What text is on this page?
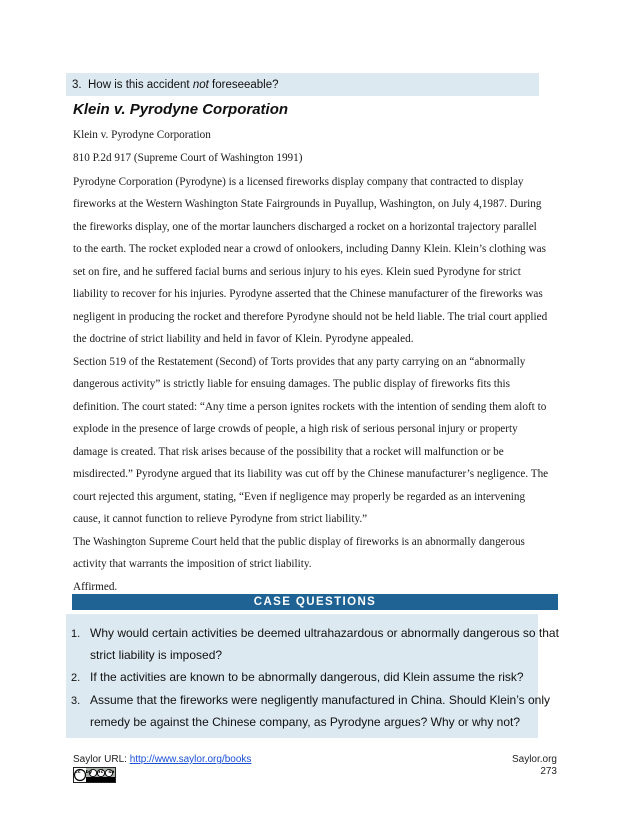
3. How is this accident not foreseeable?
Klein v. Pyrodyne Corporation
Klein v. Pyrodyne Corporation
810 P.2d 917 (Supreme Court of Washington 1991)
Pyrodyne Corporation (Pyrodyne) is a licensed fireworks display company that contracted to display
fireworks at the Western Washington State Fairgrounds in Puyallup, Washington, on July 4,1987. During
the fireworks display, one of the mortar launchers discharged a rocket on a horizontal trajectory parallel
to the earth. The rocket exploded near a crowd of onlookers, including Danny Klein. Klein’s clothing was
set on fire, and he suffered facial burns and serious injury to his eyes. Klein sued Pyrodyne for strict
liability to recover for his injuries. Pyrodyne asserted that the Chinese manufacturer of the fireworks was
negligent in producing the rocket and therefore Pyrodyne should not be held liable. The trial court applied
the doctrine of strict liability and held in favor of Klein. Pyrodyne appealed.
Section 519 of the Restatement (Second) of Torts provides that any party carrying on an “abnormally
dangerous activity” is strictly liable for ensuing damages. The public display of fireworks fits this
definition. The court stated: “Any time a person ignites rockets with the intention of sending them aloft to
explode in the presence of large crowds of people, a high risk of serious personal injury or property
damage is created. That risk arises because of the possibility that a rocket will malfunction or be
misdirected.” Pyrodyne argued that its liability was cut off by the Chinese manufacturer’s negligence. The
court rejected this argument, stating, “Even if negligence may properly be regarded as an intervening
cause, it cannot function to relieve Pyrodyne from strict liability.”
The Washington Supreme Court held that the public display of fireworks is an abnormally dangerous
activity that warrants the imposition of strict liability.
Affirmed.
CASE QUESTIONS
1. Why would certain activities be deemed ultrahazardous or abnormally dangerous so that
strict liability is imposed?
2. If the activities are known to be abnormally dangerous, did Klein assume the risk?
3. Assume that the fireworks were negligently manufactured in China. Should Klein’s only
remedy be against the Chinese company, as Pyrodyne argues? Why or why not?
Saylor URL: http://www.saylor.org/books	Saylor.org
273
cc by nc sa
